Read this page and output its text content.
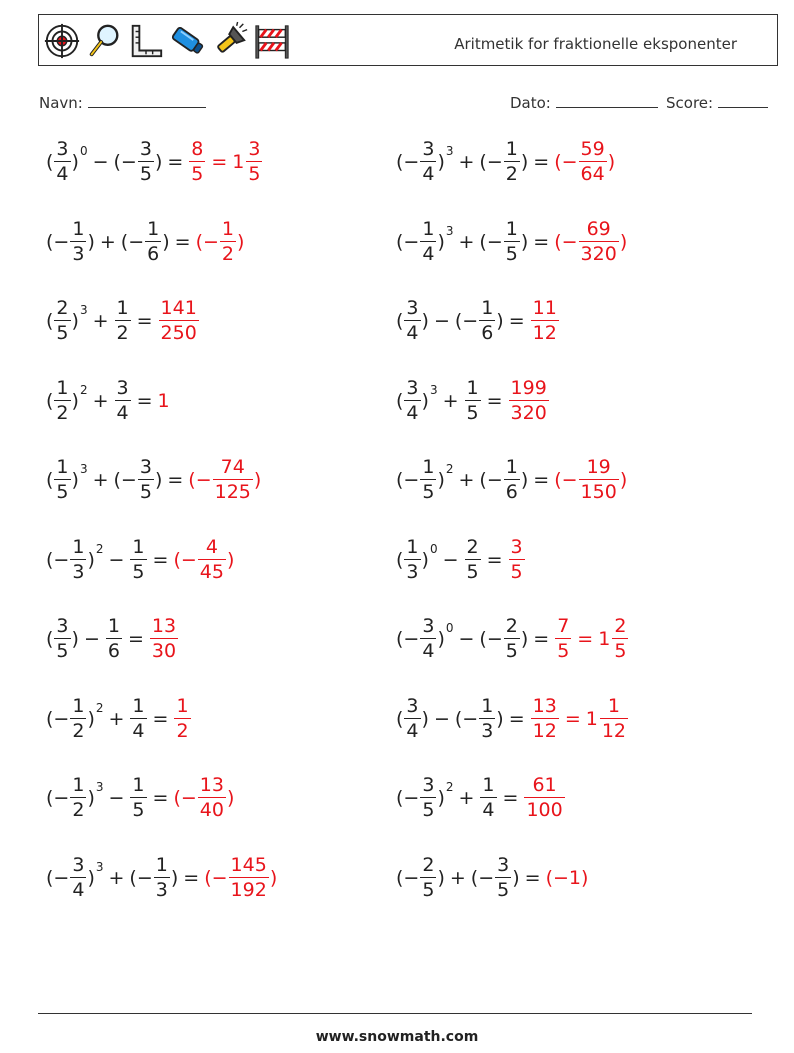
Aritmetik for fraktionelle eksponenter
Navn:	Dato:	Score:
( $\frac{3}{4}$ ) 0 − (− $\frac{3}{5}$ ) = $\frac{8}{5} = 1 \frac{3}{5}$
(− $\frac{1}{3}$ ) + (− $\frac{1}{6}$ ) = (− $\frac{1}{2}$ )
( $\frac{2}{5}$ ) $3 + \frac{1}{2} = \frac{141}{250}$
( $\frac{1}{2}$ ) $2 + \frac{3}{4} = 1$
( $\frac{1}{5}$ ) 3 + (− $\frac{3}{5}$ ) = (− $\frac{74}{125}$ )
(− $\frac{1}{3}$ ) $2 - \frac{1}{5}$ = (− $\frac{4}{45}$ )
( $\frac{3}{5}$ ) − $\frac{1}{6} = \frac{13}{30}$
(− $\frac{1}{2}$ ) $2 + \frac{1}{4} = \frac{1}{2}$
(− $\frac{1}{2}$ ) $3 - \frac{1}{5}$ = (− $\frac{13}{40}$ )
(− $\frac{3}{4}$ ) 3 + (− $\frac{1}{3}$ ) = (− $\frac{145}{192}$ )
(− $\frac{3}{4}$ ) 3 + (− $\frac{1}{2}$ ) = (− $\frac{59}{64}$ )
(− $\frac{1}{4}$ ) 3 + (− $\frac{1}{5}$ ) = (− $\frac{69}{320}$ )
( $\frac{3}{4}$ ) − (− $\frac{1}{6}$ ) = $\frac{11}{12}$
( $\frac{3}{4}$ ) $3 + \frac{1}{5} = \frac{199}{320}$
(− $\frac{1}{5}$ ) 2 + (− $\frac{1}{6}$ ) = (− $\frac{19}{150}$ )
( $\frac{1}{3}$ ) $0 - \frac{2}{5} = \frac{3}{5}$
(− $\frac{3}{4}$ ) 0 − (− $\frac{2}{5}$ ) = $\frac{7}{5} = 1 \frac{2}{5}$
( $\frac{3}{4}$ ) − (− $\frac{1}{3}$ ) = $\frac{13}{12} = 1 \frac{1}{12}$
(− $\frac{3}{5}$ ) $2 + \frac{1}{4} = \frac{61}{100}$
(− $\frac{2}{5}$ ) + (− $\frac{3}{5}$ ) = (−1)
www.snowmath.com
